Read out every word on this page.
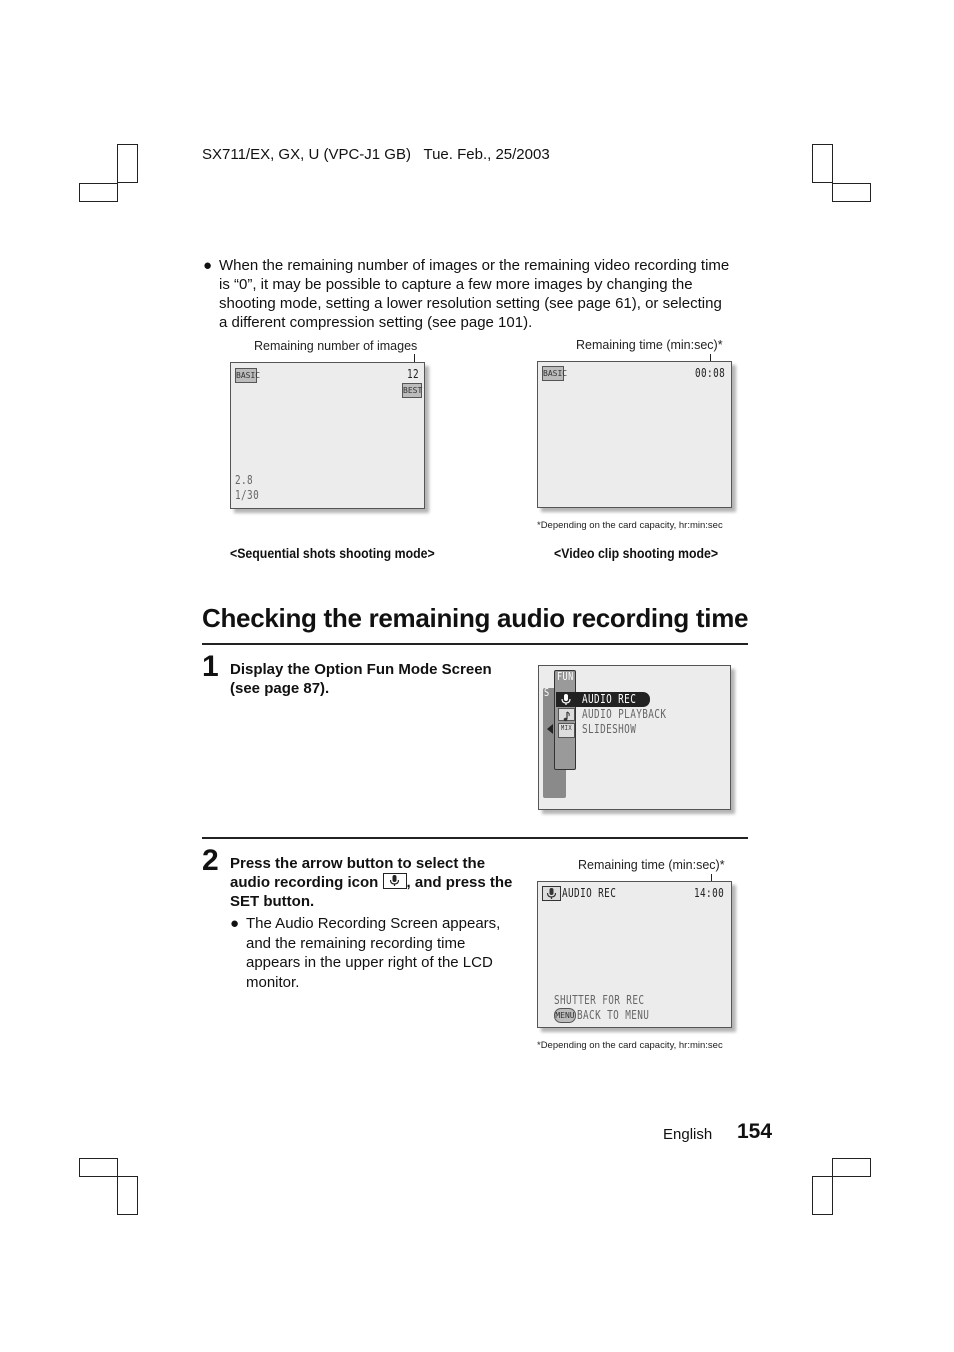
SX711/EX, GX, U (VPC-J1 GB) Tue. Feb., 25/2003
● When the remaining number of images or the remaining video recording time is “0”, it may be possible to capture a few more images by changing the shooting mode, setting a lower resolution setting (see page 61), or selecting a different compression setting (see page 101).
Remaining number of images
BASIC	12
BEST
2.8
1/30
<Sequential shots shooting mode>
Remaining time (min:sec)*
BASIC	00:08
*Depending on the card capacity, hr:min:sec
<Video clip shooting mode>
Checking the remaining audio recording time
1 Display the Option Fun Mode Screen (see page 87).
FUN
S
MIX
AUDIO REC
AUDIO PLAYBACK
SLIDESHOW
2 Press the arrow button to select the audio recording icon , and press the SET button.
● The Audio Recording Screen appears, and the remaining recording time appears in the upper right of the LCD monitor.
Remaining time (min:sec)*
AUDIO REC	14:00
SHUTTER FOR REC
MENU BACK TO MENU
*Depending on the card capacity, hr:min:sec
English 154
